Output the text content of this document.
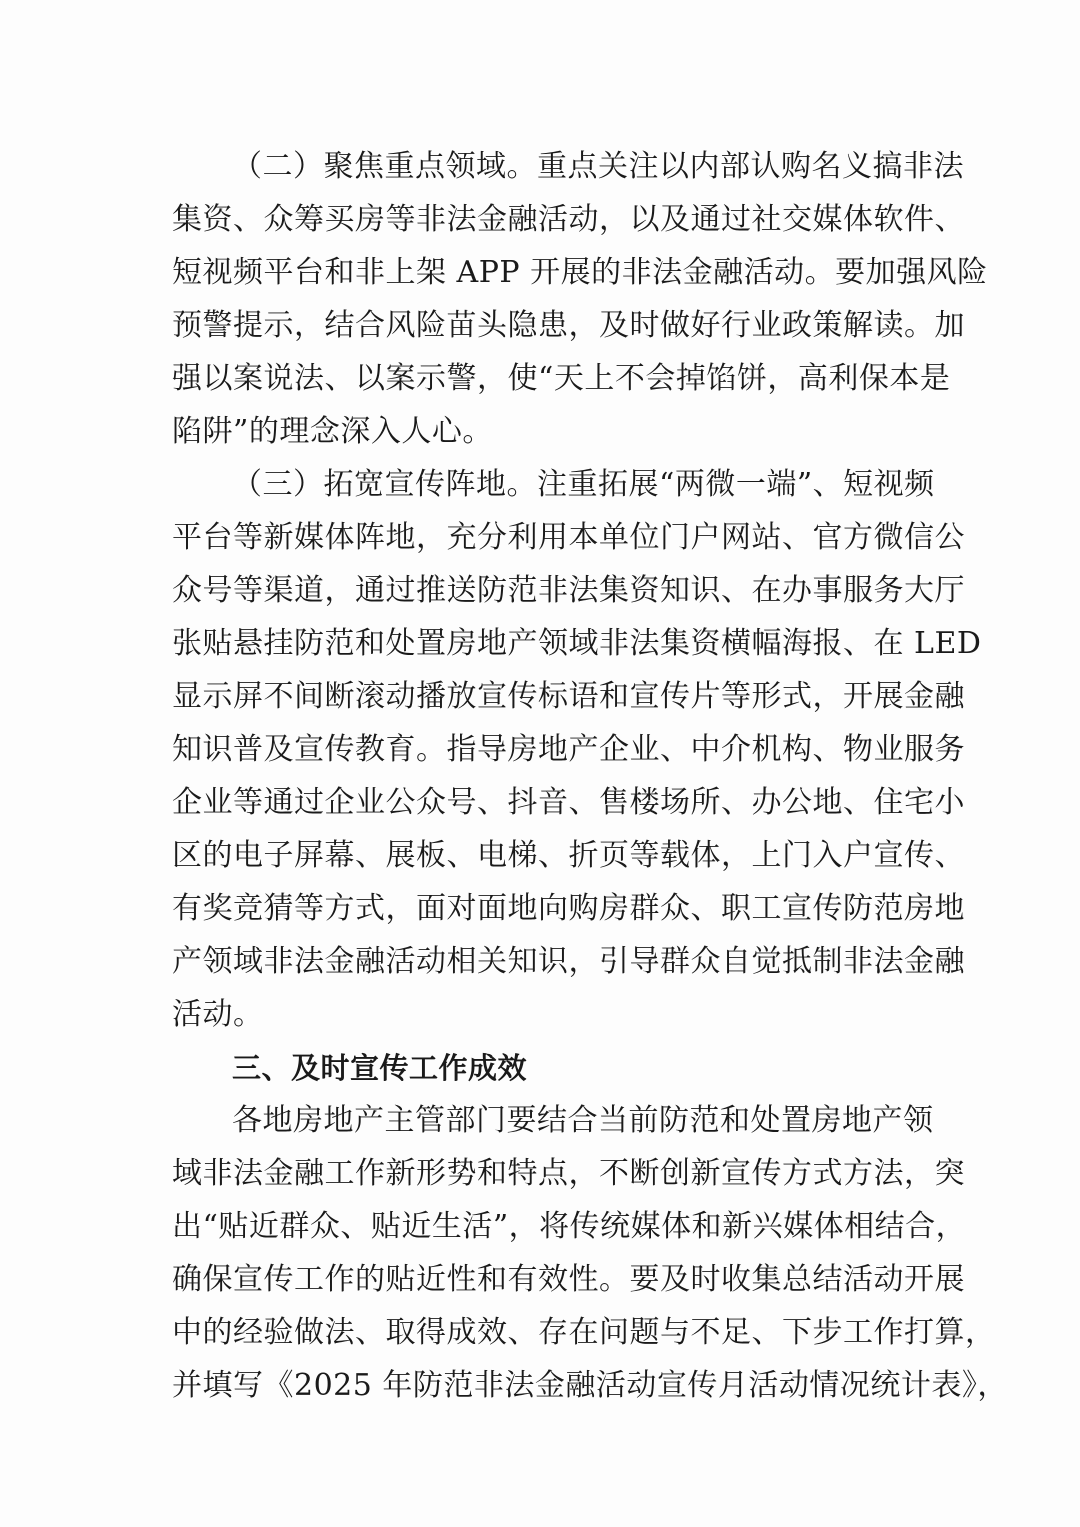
（二）聚焦重点领域。重点关注以内部认购名义搞非法
集资、众筹买房等非法金融活动，以及通过社交媒体软件、
短视频平台和非上架 APP 开展的非法金融活动。要加强风险
预警提示，结合风险苗头隐患，及时做好行业政策解读。加
强以案说法、以案示警，使“天上不会掉馅饼，高利保本是
陷阱”的理念深入人心。
（三）拓宽宣传阵地。注重拓展“两微一端”、短视频
平台等新媒体阵地，充分利用本单位门户网站、官方微信公
众号等渠道，通过推送防范非法集资知识、在办事服务大厅
张贴悬挂防范和处置房地产领域非法集资横幅海报、在 LED
显示屏不间断滚动播放宣传标语和宣传片等形式，开展金融
知识普及宣传教育。指导房地产企业、中介机构、物业服务
企业等通过企业公众号、抖音、售楼场所、办公地、住宅小
区的电子屏幕、展板、电梯、折页等载体，上门入户宣传、
有奖竞猜等方式，面对面地向购房群众、职工宣传防范房地
产领域非法金融活动相关知识，引导群众自觉抵制非法金融
活动。
三、及时宣传工作成效
各地房地产主管部门要结合当前防范和处置房地产领
域非法金融工作新形势和特点，不断创新宣传方式方法，突
出“贴近群众、贴近生活”，将传统媒体和新兴媒体相结合，
确保宣传工作的贴近性和有效性。要及时收集总结活动开展
中的经验做法、取得成效、存在问题与不足、下步工作打算，
并填写《2025 年防范非法金融活动宣传月活动情况统计表》，
